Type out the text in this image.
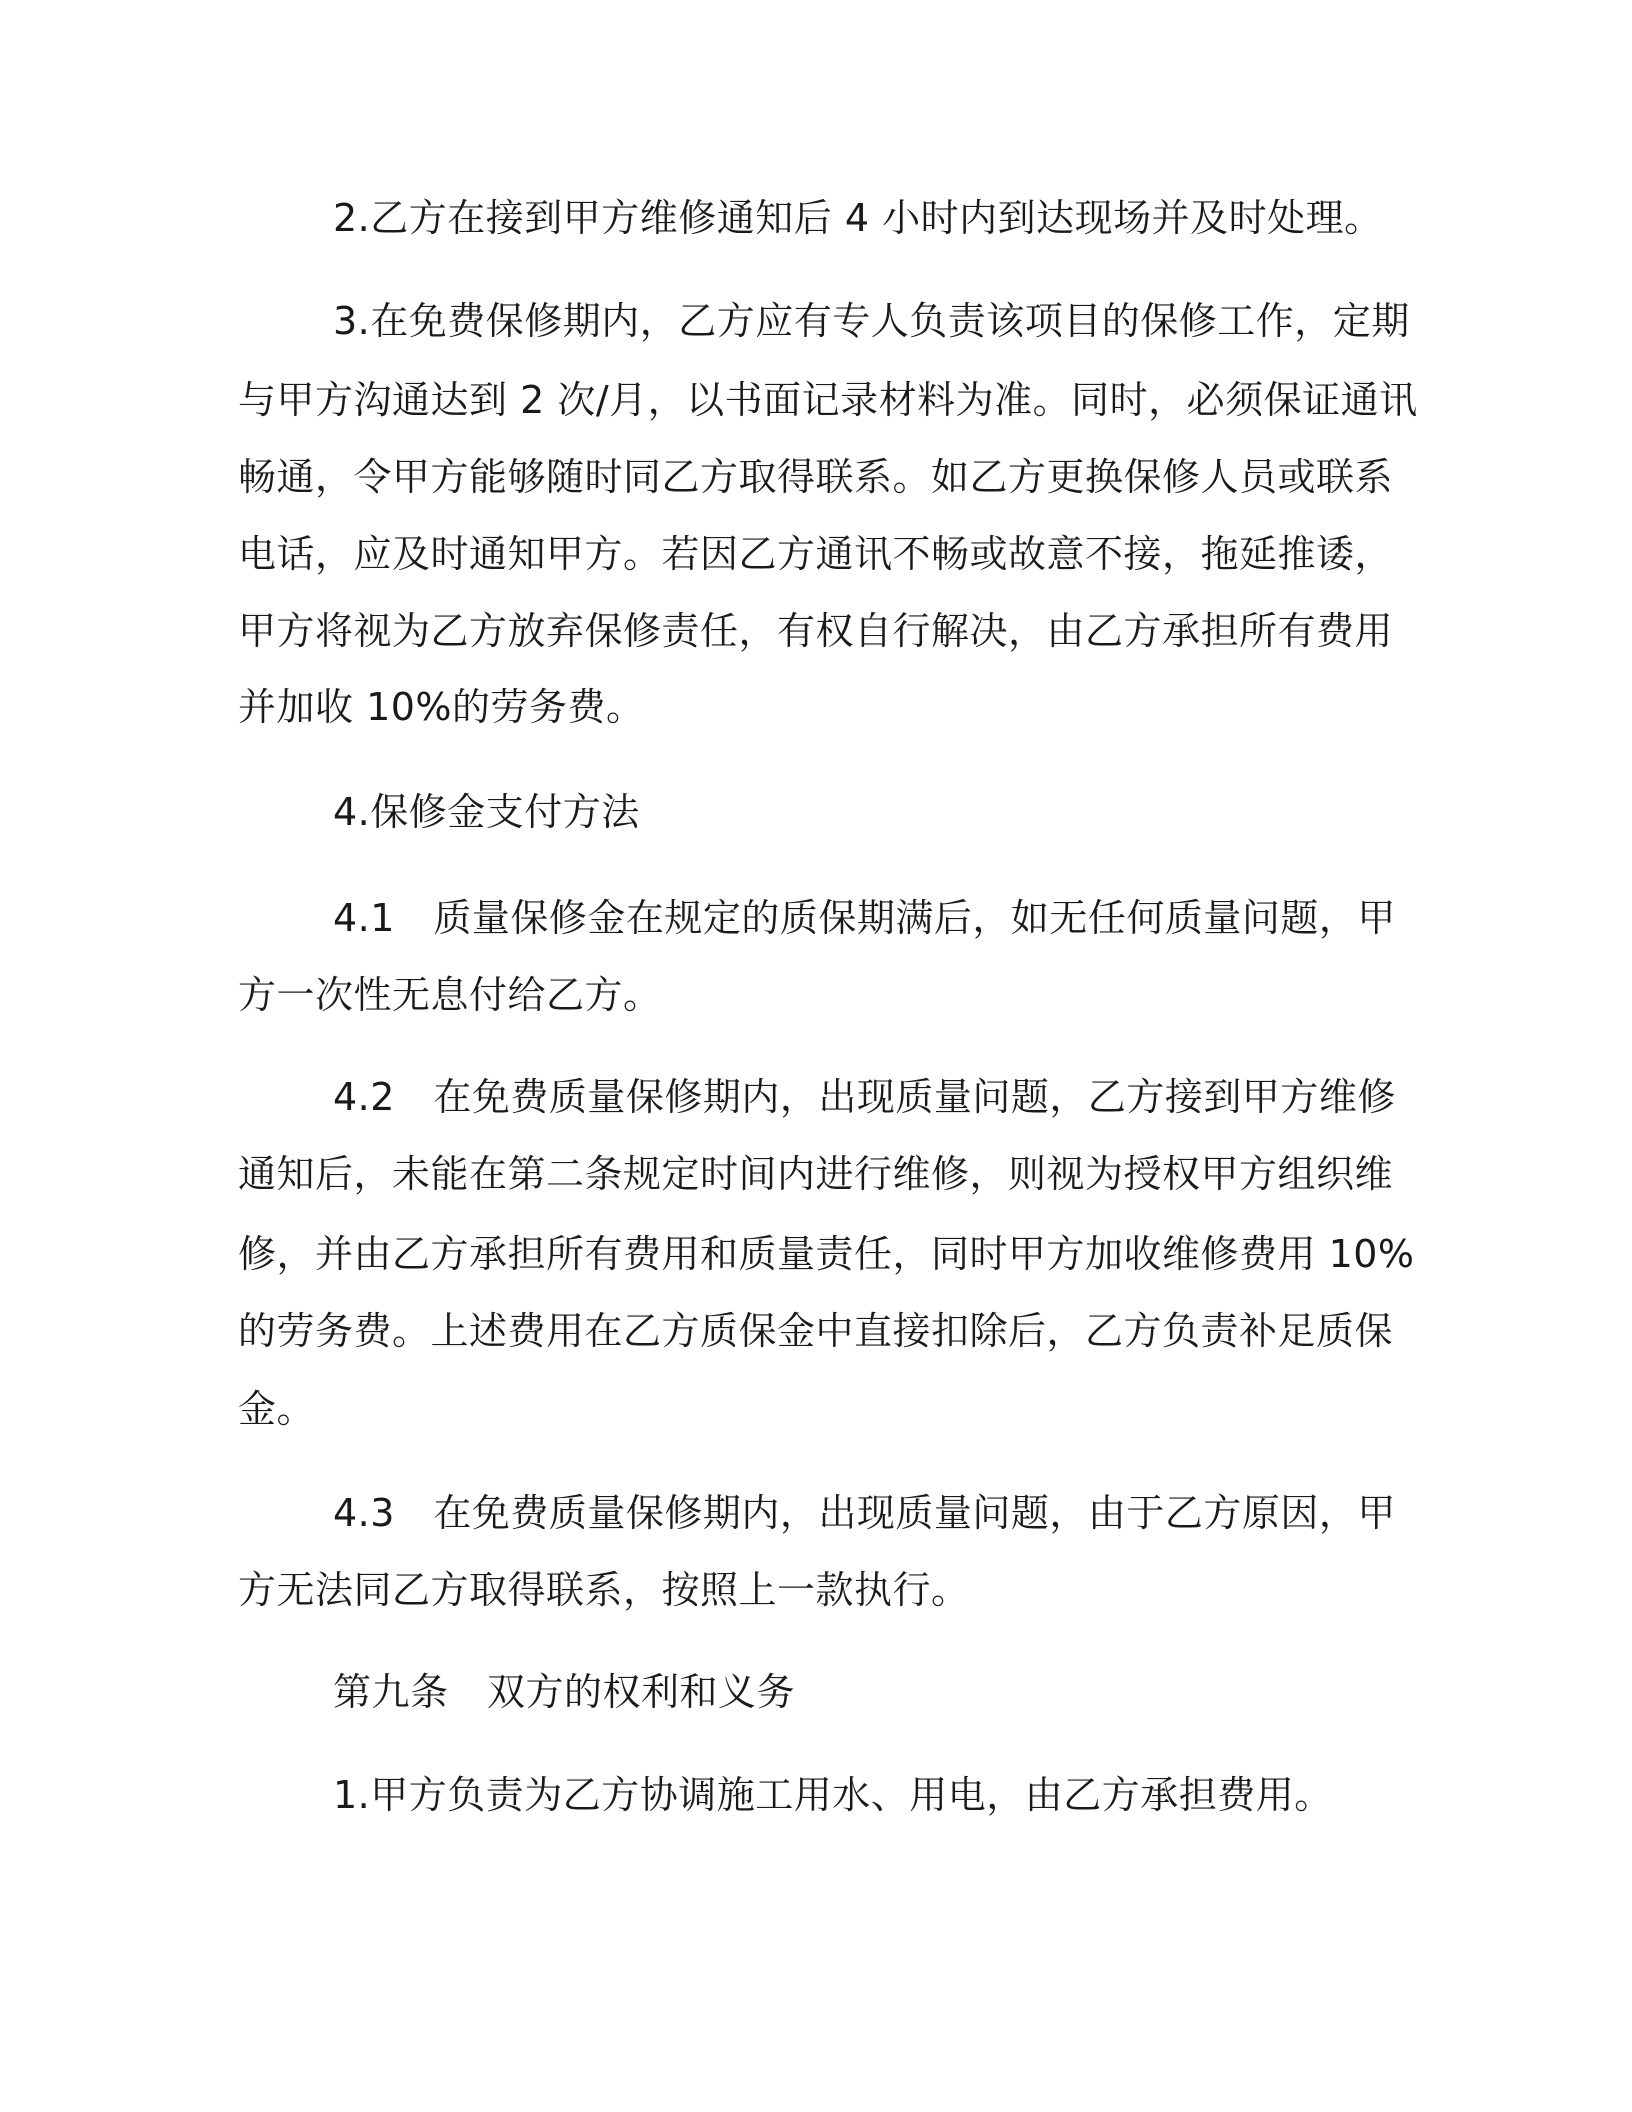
2.乙方在接到甲方维修通知后 4 小时内到达现场并及时处理。
3.在免费保修期内，乙方应有专人负责该项目的保修工作，定期
与甲方沟通达到 2 次/月，以书面记录材料为准。同时，必须保证通讯
畅通，令甲方能够随时同乙方取得联系。如乙方更换保修人员或联系
电话，应及时通知甲方。若因乙方通讯不畅或故意不接，拖延推诿，
甲方将视为乙方放弃保修责任，有权自行解决，由乙方承担所有费用
并加收 10%的劳务费。
4.保修金支付方法
4.1　质量保修金在规定的质保期满后，如无任何质量问题，甲
方一次性无息付给乙方。
4.2　在免费质量保修期内，出现质量问题，乙方接到甲方维修
通知后，未能在第二条规定时间内进行维修，则视为授权甲方组织维
修，并由乙方承担所有费用和质量责任，同时甲方加收维修费用 10%
的劳务费。上述费用在乙方质保金中直接扣除后，乙方负责补足质保
金。
4.3　在免费质量保修期内，出现质量问题，由于乙方原因，甲
方无法同乙方取得联系，按照上一款执行。
第九条　双方的权利和义务
1.甲方负责为乙方协调施工用水、用电，由乙方承担费用。
